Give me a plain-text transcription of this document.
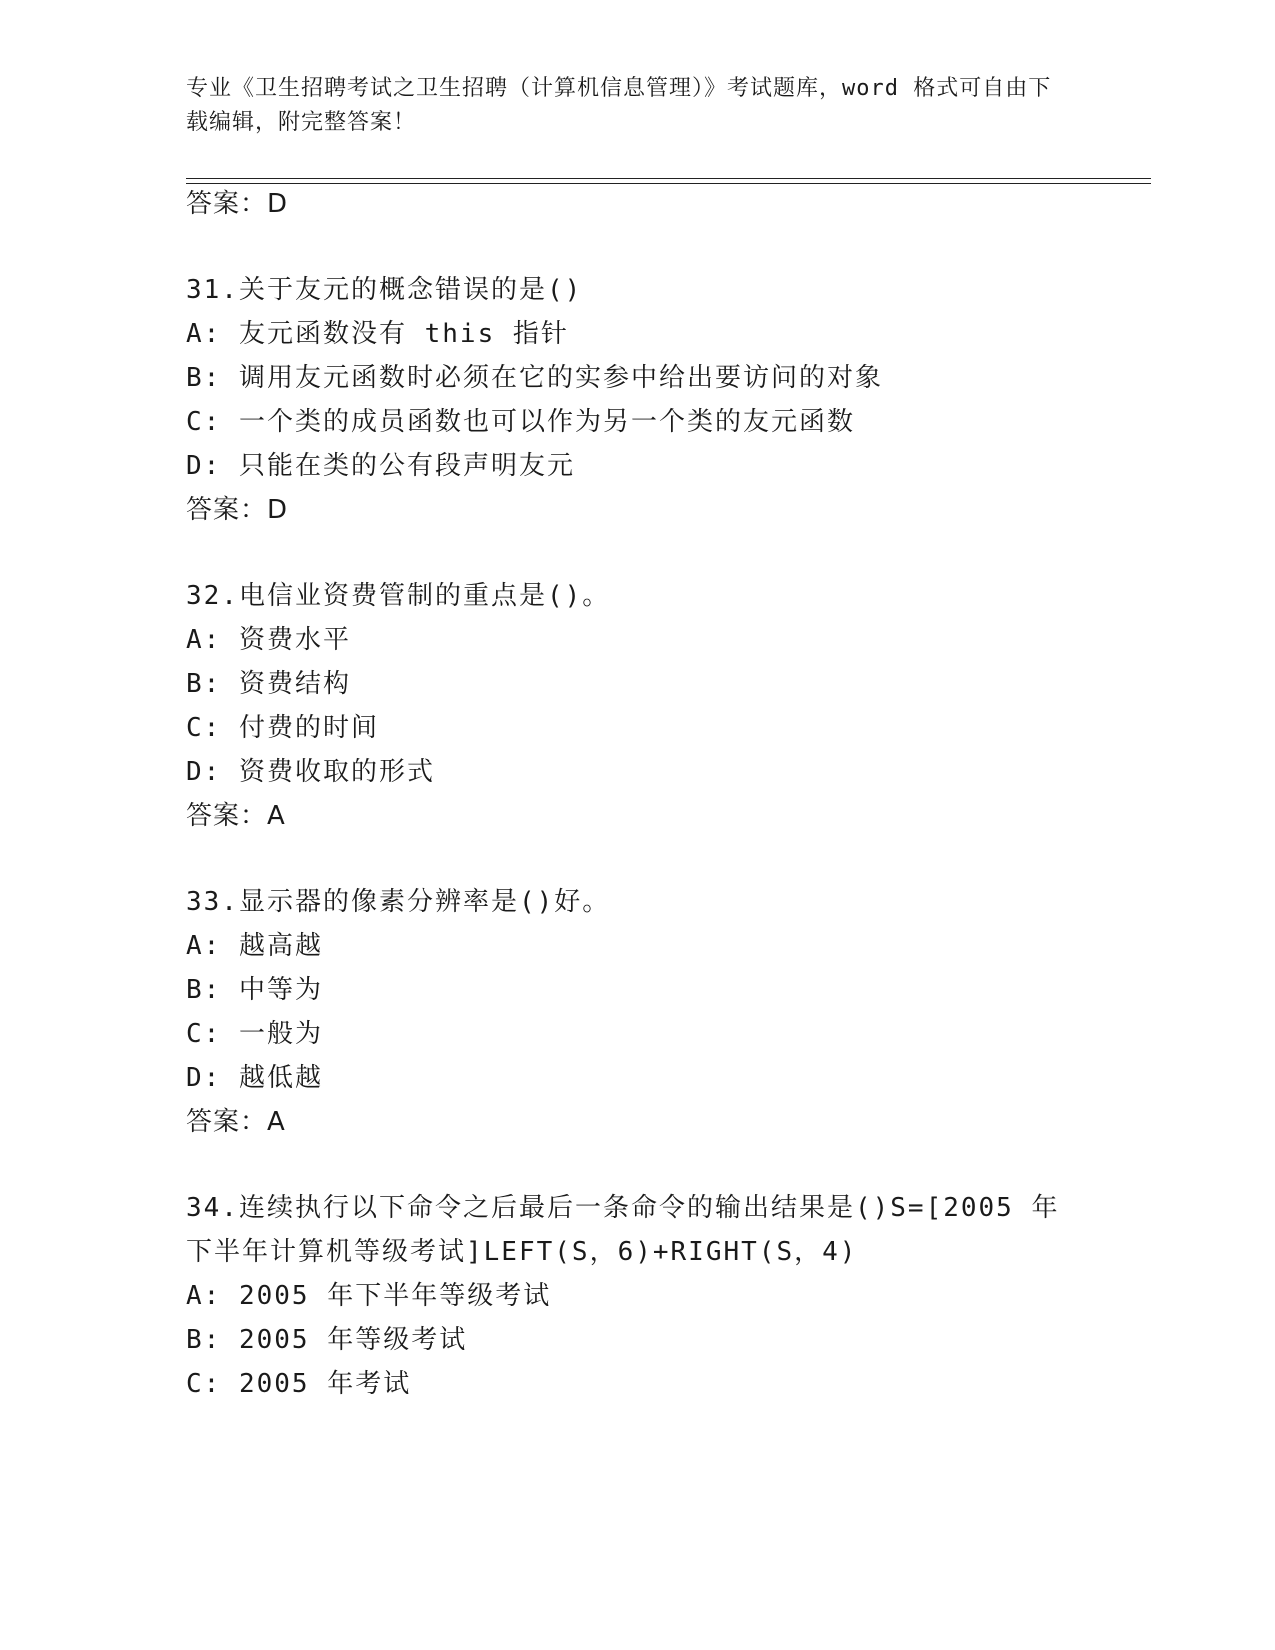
专业《卫生招聘考试之卫生招聘（计算机信息管理）》考试题库，word 格式可自由下载编辑，附完整答案！
答案：D
31.关于友元的概念错误的是()
A: 友元函数没有 this 指针
B: 调用友元函数时必须在它的实参中给出要访问的对象
C: 一个类的成员函数也可以作为另一个类的友元函数
D: 只能在类的公有段声明友元
答案：D
32.电信业资费管制的重点是()。
A: 资费水平
B: 资费结构
C: 付费的时间
D: 资费收取的形式
答案：A
33.显示器的像素分辨率是()好。
A: 越高越
B: 中等为
C: 一般为
D: 越低越
答案：A
34.连续执行以下命令之后最后一条命令的输出结果是()S=[2005 年下半年计算机等级考试]LEFT(S，6)+RIGHT(S，4)
A: 2005 年下半年等级考试
B: 2005 年等级考试
C: 2005 年考试
